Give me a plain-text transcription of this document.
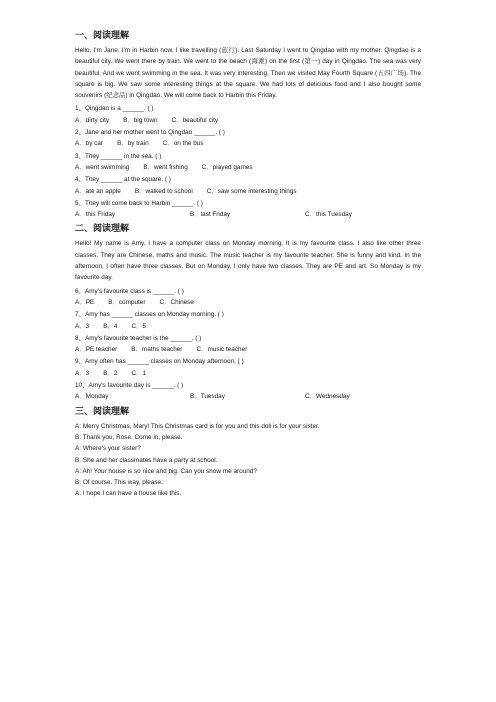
一、阅读理解

Hello, I'm Jane. I'm in Harbin now. I like travelling (旅行). Last Saturday I went to Qingdao with my mother. Qingdao is a beautiful city. We went there by train. We went to the beach (海滩) on the first (第一) day in Qingdao. The sea was very beautiful. And we went swimming in the sea. It was very interesting. Then we visited May Fourth Square (五四广场). The square is big. We saw some interesting things at the square. We had lots of delicious food and I also bought some souvenirs (纪念品) in Qingdao. We will come back to Harbin this Friday.

1、Qingdao is a ______. ( )

A．dirty city B．big town C．beautiful city

2、Jane and her mother went to Qingdao ______. ( )

A．by car B．by train C．on the bus

3、They ______ in the sea. ( )

A．went swimming B．went fishing C．played games

4、They ______ at the square. ( )

A．ate an apple B．walked to school C．saw some interesting things

5、They will come back to Harbin ______. ( )

A．this Friday	B．last Friday	C．this Tuesday

二、阅读理解

Hello! My name is Amy. I have a computer class on Monday morning. It is my favourite class. I also like other three classes. They are Chinese, maths and music. The music teacher is my favourite teacher. She is funny and kind. In the afternoon, I often have three classes. But on Monday, I only have two classes. They are PE and art. So Monday is my favourite day.

6、Amy's favourite class is ______. ( )

A．PE B．computer C．Chinese

7、Amy has ______ classes on Monday morning. ( )

A．3 B．4 C．5

8、Amy's favourite teacher is the ______. ( )

A．PE teacher B．maths teacher C．music teacher

9、Amy often has ______ classes on Monday afternoon. ( )

A．3 B．2 C．1

10、Amy's favourite day is ______. ( )

A．Monday	B．Tuesday	C．Wednesday

三、阅读理解

A: Merry Christmas, Mary! This Christmas card is for you and this doll is for your sister.

B: Thank you, Rose. Come in, please.

A: Where's your sister?

B: She and her classmates have a party at school.

A: Ah! Your house is so nice and big. Can you show me around?

B: Of course. This way, please.

A: I hope I can have a house like this.
